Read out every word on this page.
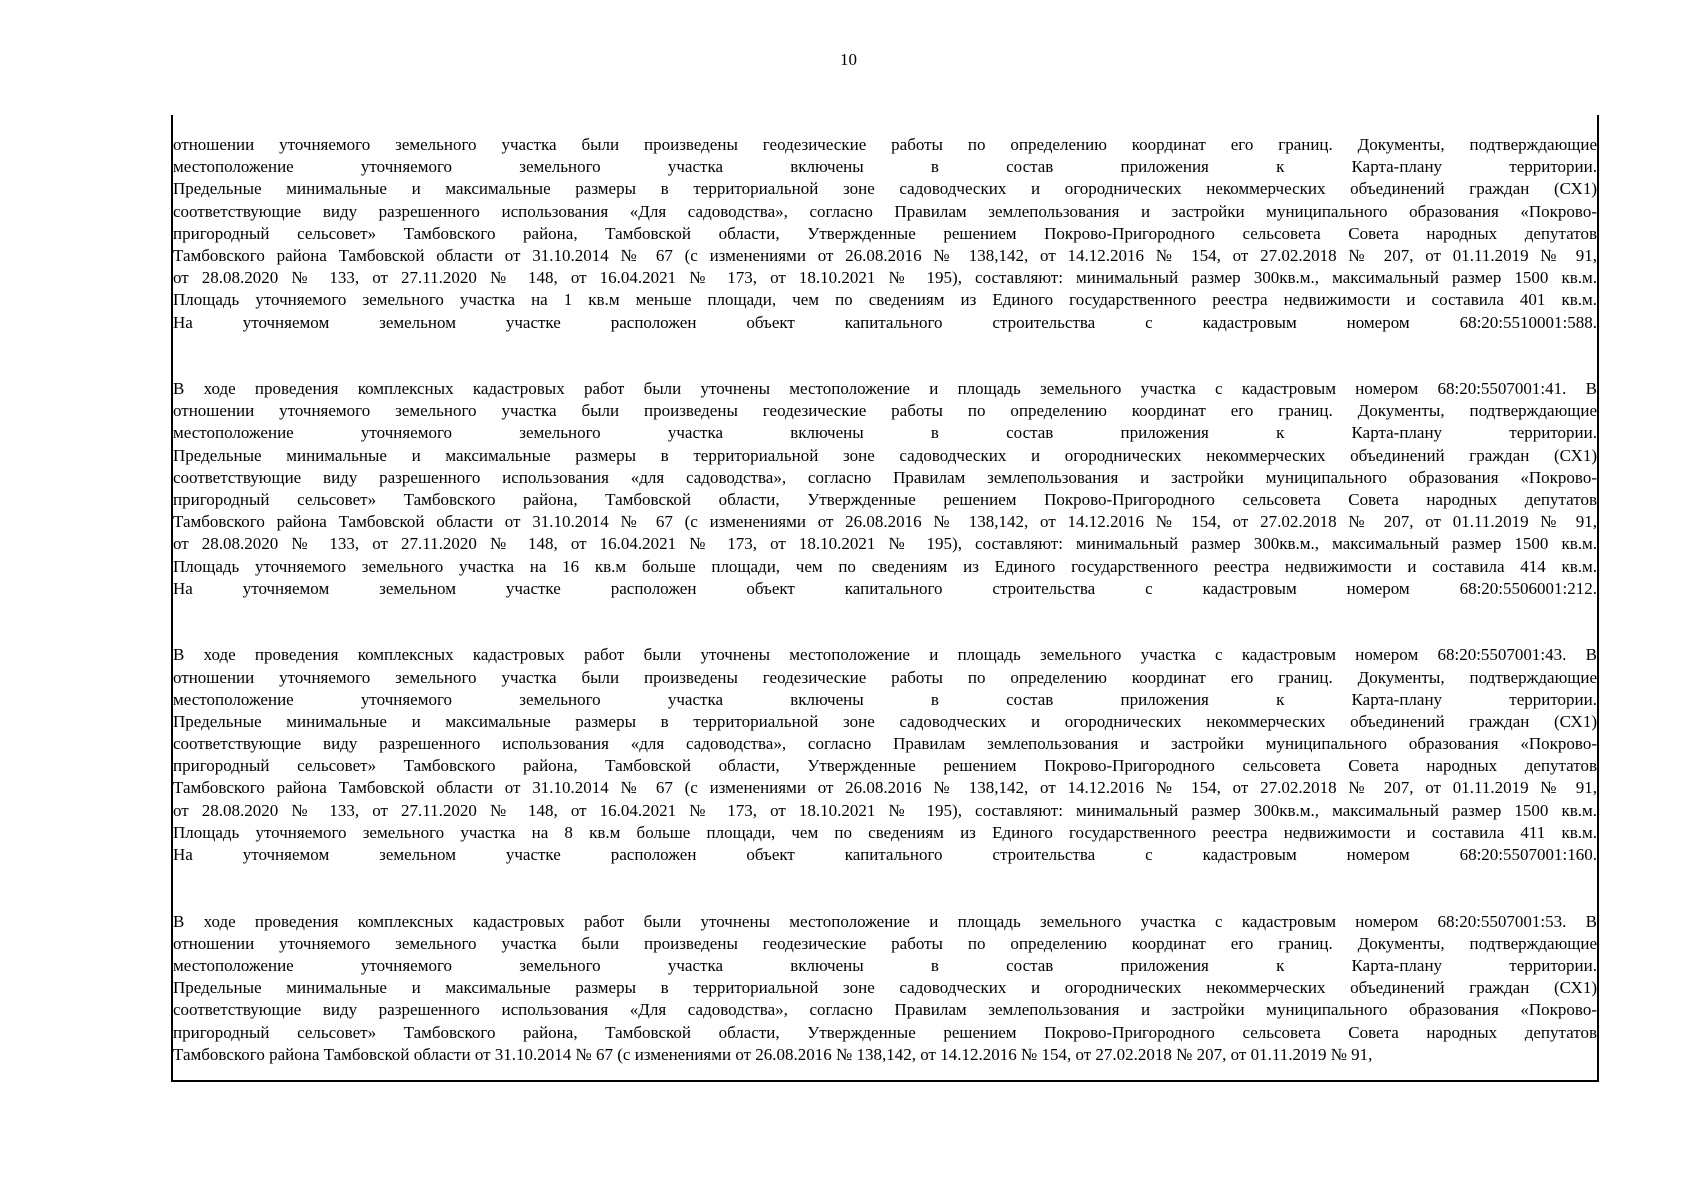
10
отношении уточняемого земельного участка были произведены геодезические работы по определению координат его границ. Документы, подтверждающие
местоположение уточняемого земельного участка включены в состав приложения к Карта-плану территории.
Предельные минимальные и максимальные размеры в территориальной зоне садоводческих и огороднических некоммерческих объединений граждан (СХ1)
соответствующие виду разрешенного использования «Для садоводства», согласно Правилам землепользования и застройки муниципального образования «Покрово-
пригородный сельсовет» Тамбовского района, Тамбовской области, Утвержденные решением Покрово-Пригородного сельсовета Совета народных депутатов
Тамбовского района Тамбовской области от 31.10.2014 № 67 (с изменениями от 26.08.2016 № 138,142, от 14.12.2016 № 154, от 27.02.2018 № 207, от 01.11.2019 № 91,
от 28.08.2020 № 133, от 27.11.2020 № 148, от 16.04.2021 № 173, от 18.10.2021 № 195), составляют: минимальный размер 300кв.м., максимальный размер 1500 кв.м.
Площадь уточняемого земельного участка на 1 кв.м меньше площади, чем по сведениям из Единого государственного реестра недвижимости и составила 401 кв.м.
На уточняемом земельном участке расположен объект капитального строительства с кадастровым номером 68:20:5510001:588.
В ходе проведения комплексных кадастровых работ были уточнены местоположение и площадь земельного участка с кадастровым номером 68:20:5507001:41. В
отношении уточняемого земельного участка были произведены геодезические работы по определению координат его границ. Документы, подтверждающие
местоположение уточняемого земельного участка включены в состав приложения к Карта-плану территории.
Предельные минимальные и максимальные размеры в территориальной зоне садоводческих и огороднических некоммерческих объединений граждан (СХ1)
соответствующие виду разрешенного использования «для садоводства», согласно Правилам землепользования и застройки муниципального образования «Покрово-
пригородный сельсовет» Тамбовского района, Тамбовской области, Утвержденные решением Покрово-Пригородного сельсовета Совета народных депутатов
Тамбовского района Тамбовской области от 31.10.2014 № 67 (с изменениями от 26.08.2016 № 138,142, от 14.12.2016 № 154, от 27.02.2018 № 207, от 01.11.2019 № 91,
от 28.08.2020 № 133, от 27.11.2020 № 148, от 16.04.2021 № 173, от 18.10.2021 № 195), составляют: минимальный размер 300кв.м., максимальный размер 1500 кв.м.
Площадь уточняемого земельного участка на 16 кв.м больше площади, чем по сведениям из Единого государственного реестра недвижимости и составила 414 кв.м.
На уточняемом земельном участке расположен объект капитального строительства с кадастровым номером 68:20:5506001:212.
В ходе проведения комплексных кадастровых работ были уточнены местоположение и площадь земельного участка с кадастровым номером 68:20:5507001:43. В
отношении уточняемого земельного участка были произведены геодезические работы по определению координат его границ. Документы, подтверждающие
местоположение уточняемого земельного участка включены в состав приложения к Карта-плану территории.
Предельные минимальные и максимальные размеры в территориальной зоне садоводческих и огороднических некоммерческих объединений граждан (СХ1)
соответствующие виду разрешенного использования «для садоводства», согласно Правилам землепользования и застройки муниципального образования «Покрово-
пригородный сельсовет» Тамбовского района, Тамбовской области, Утвержденные решением Покрово-Пригородного сельсовета Совета народных депутатов
Тамбовского района Тамбовской области от 31.10.2014 № 67 (с изменениями от 26.08.2016 № 138,142, от 14.12.2016 № 154, от 27.02.2018 № 207, от 01.11.2019 № 91,
от 28.08.2020 № 133, от 27.11.2020 № 148, от 16.04.2021 № 173, от 18.10.2021 № 195), составляют: минимальный размер 300кв.м., максимальный размер 1500 кв.м.
Площадь уточняемого земельного участка на 8 кв.м больше площади, чем по сведениям из Единого государственного реестра недвижимости и составила 411 кв.м.
На уточняемом земельном участке расположен объект капитального строительства с кадастровым номером 68:20:5507001:160.
В ходе проведения комплексных кадастровых работ были уточнены местоположение и площадь земельного участка с кадастровым номером 68:20:5507001:53. В
отношении уточняемого земельного участка были произведены геодезические работы по определению координат его границ. Документы, подтверждающие
местоположение уточняемого земельного участка включены в состав приложения к Карта-плану территории.
Предельные минимальные и максимальные размеры в территориальной зоне садоводческих и огороднических некоммерческих объединений граждан (СХ1)
соответствующие виду разрешенного использования «Для садоводства», согласно Правилам землепользования и застройки муниципального образования «Покрово-
пригородный сельсовет» Тамбовского района, Тамбовской области, Утвержденные решением Покрово-Пригородного сельсовета Совета народных депутатов
Тамбовского района Тамбовской области от 31.10.2014 № 67 (с изменениями от 26.08.2016 № 138,142, от 14.12.2016 № 154, от 27.02.2018 № 207, от 01.11.2019 № 91,
